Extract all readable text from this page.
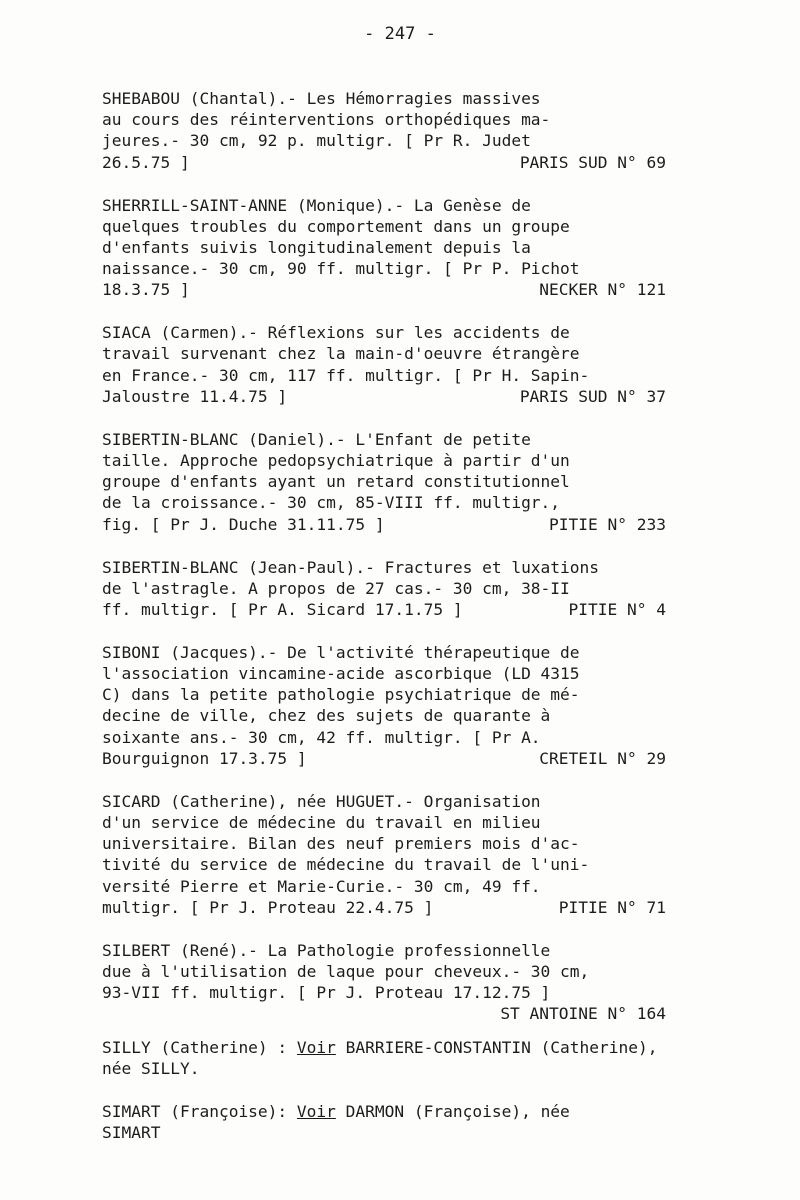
- 247 -
SHEBABOU (Chantal).- Les Hémorragies massives
au cours des réinterventions orthopédiques ma-
jeures.- 30 cm, 92 p. multigr. [ Pr R. Judet
26.5.75 ]	PARIS SUD N° 69
SHERRILL-SAINT-ANNE (Monique).- La Genèse de
quelques troubles du comportement dans un groupe
d'enfants suivis longitudinalement depuis la
naissance.- 30 cm, 90 ff. multigr. [ Pr P. Pichot
18.3.75 ]	NECKER N° 121
SIACA (Carmen).- Réflexions sur les accidents de
travail survenant chez la main-d'oeuvre étrangère
en France.- 30 cm, 117 ff. multigr. [ Pr H. Sapin-
Jaloustre 11.4.75 ]	PARIS SUD N° 37
SIBERTIN-BLANC (Daniel).- L'Enfant de petite
taille. Approche pedopsychiatrique à partir d'un
groupe d'enfants ayant un retard constitutionnel
de la croissance.- 30 cm, 85-VIII ff. multigr.,
fig. [ Pr J. Duche 31.11.75 ]	PITIE N° 233
SIBERTIN-BLANC (Jean-Paul).- Fractures et luxations
de l'astragle. A propos de 27 cas.- 30 cm, 38-II
ff. multigr. [ Pr A. Sicard 17.1.75 ]	PITIE N° 4
SIBONI (Jacques).- De l'activité thérapeutique de
l'association vincamine-acide ascorbique (LD 4315
C) dans la petite pathologie psychiatrique de mé-
decine de ville, chez des sujets de quarante à
soixante ans.- 30 cm, 42 ff. multigr. [ Pr A.
Bourguignon 17.3.75 ]	CRETEIL N° 29
SICARD (Catherine), née HUGUET.- Organisation
d'un service de médecine du travail en milieu
universitaire. Bilan des neuf premiers mois d'ac-
tivité du service de médecine du travail de l'uni-
versité Pierre et Marie-Curie.- 30 cm, 49 ff.
multigr. [ Pr J. Proteau 22.4.75 ]	PITIE N° 71
SILBERT (René).- La Pathologie professionnelle
due à l'utilisation de laque pour cheveux.- 30 cm,
93-VII ff. multigr. [ Pr J. Proteau 17.12.75 ]
ST ANTOINE N° 164
SILLY (Catherine) : Voir BARRIERE-CONSTANTIN (Catherine),
née SILLY.
SIMART (Françoise): Voir DARMON (Françoise), née
SIMART
